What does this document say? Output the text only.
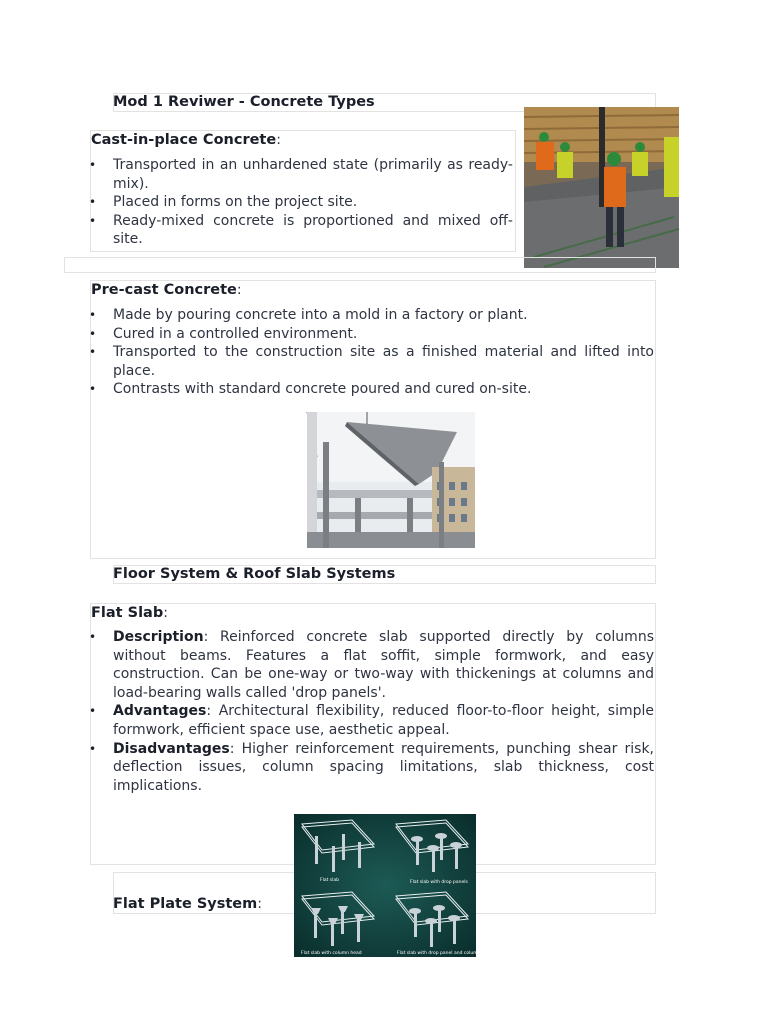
Mod 1 Reviwer - Concrete Types
Cast-in-place Concrete:
• Transported in an unhardened state (primarily as ready-mix).
• Placed in forms on the project site.
• Ready-mixed concrete is proportioned and mixed off-site.
Pre-cast Concrete:
• Made by pouring concrete into a mold in a factory or plant.
• Cured in a controlled environment.
• Transported to the construction site as a finished material and lifted into place.
• Contrasts with standard concrete poured and cured on-site.
Floor System & Roof Slab Systems
Flat Slab:
• Description: Reinforced concrete slab supported directly by columns without beams. Features a flat soffit, simple formwork, and easy construction. Can be one-way or two-way with thickenings at columns and load-bearing walls called 'drop panels'.
• Advantages: Architectural flexibility, reduced floor-to-floor height, simple formwork, efficient space use, aesthetic appeal.
• Disadvantages: Higher reinforcement requirements, punching shear risk, deflection issues, column spacing limitations, slab thickness, cost implications.
Flat Plate System:
Flat slab	Flat slab with drop panels
Flat slab with column head	Flat slab with drop panel and column head
